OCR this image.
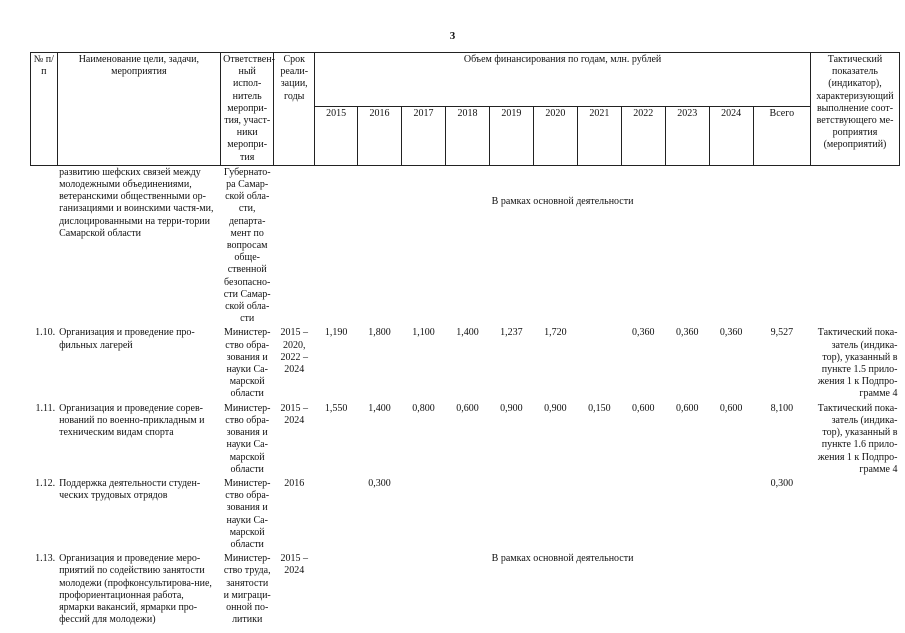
3
№ п/п	Наименование цели, задачи, мероприятия	Ответствен-ный испол-нитель меропри-тия, участ-ники меропри-тия	Срок реали-зации, годы	Объем финансирования по годам, млн. рублей											Тактический показатель (индикатор), характеризующий выполнение соот-ветствующего ме-роприятия (мероприятий)
				2015	2016	2017	2018	2019	2020	2021	2022	2023	2024	Всего	
	развитию шефских связей между молодежными объединениями, ветеранскими общественными ор-ганизациями и воинскими частя-ми, дислоцированными на терри-тории Самарской области	Губернато-ра Самар-ской обла-сти, департа-мент по вопросам обще-ственной безопасно-сти Самар-ской обла-сти		В рамках основной деятельности											
1.10.	Организация и проведение про-фильных лагерей	Министер-ство обра-зования и науки Са-марской области	2015 – 2020, 2022 – 2024	1,190	1,800	1,100	1,400	1,237	1,720		0,360	0,360	0,360	9,527	Тактический пока-затель (индика-тор), указанный в пункте 1.5 прило-жения 1 к Подпро-грамме 4
1.11.	Организация и проведение сорев-нований по военно-прикладным и техническим видам спорта	Министер-ство обра-зования и науки Са-марской области	2015 – 2024	1,550	1,400	0,800	0,600	0,900	0,900	0,150	0,600	0,600	0,600	8,100	Тактический пока-затель (индика-тор), указанный в пункте 1.6 прило-жения 1 к Подпро-грамме 4
1.12.	Поддержка деятельности студен-ческих трудовых отрядов	Министер-ство обра-зования и науки Са-марской области	2016		0,300									0,300	
1.13.	Организация и проведение меро-приятий по содействию занятости молодежи (профконсультирова-ние, профориентационная работа, ярмарки вакансий, ярмарки про-фессий для молодежи)	Министер-ство труда, занятости и миграци-онной по-литики	2015 – 2024	В рамках основной деятельности											
